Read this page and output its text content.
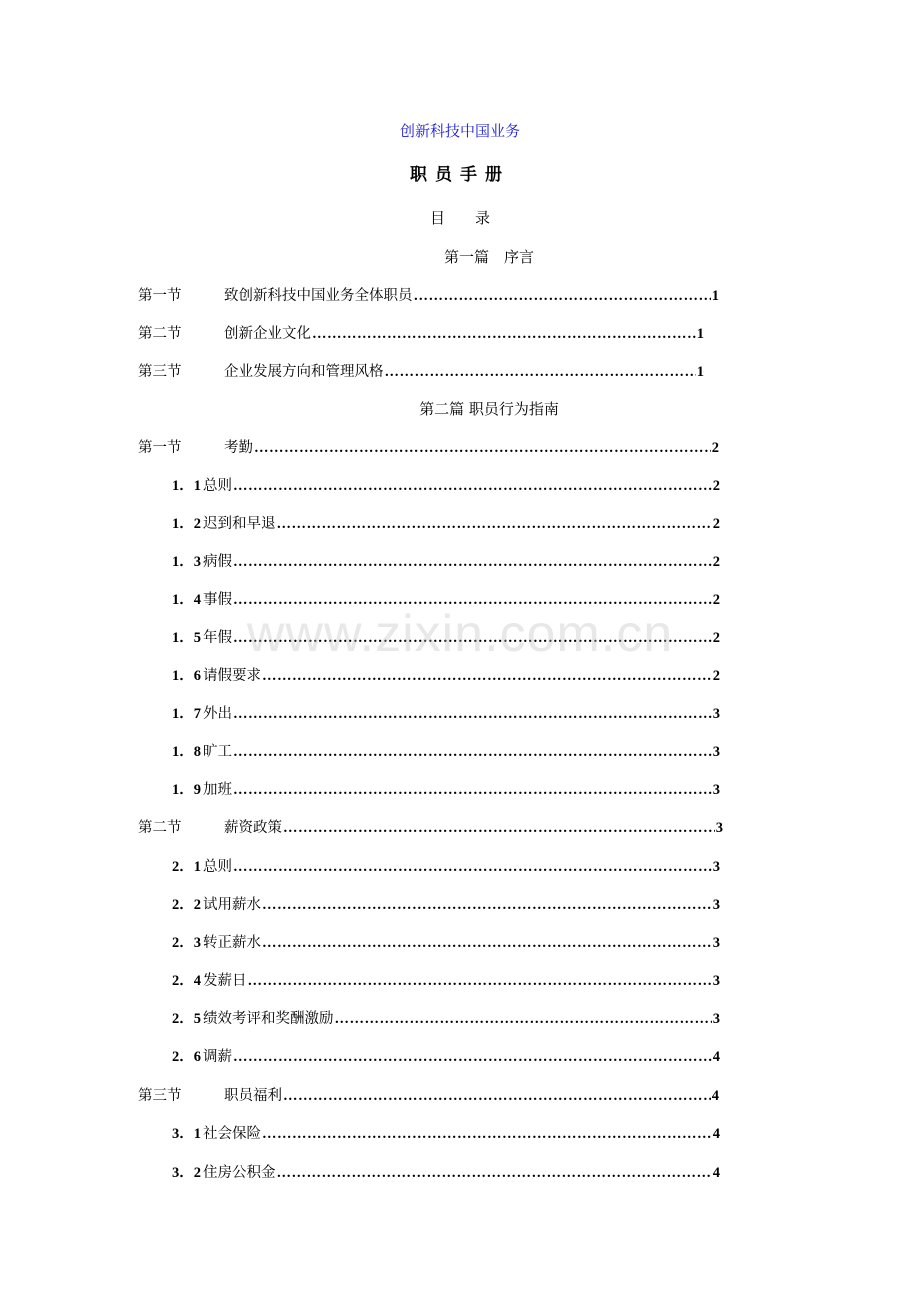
创新科技中国业务
职员手册
目 录
第一篇　序言
第一节	致创新科技中国业务全体职员 ……………………………………………………………………………………………………………………………………………………………………………………………………………………………………	1
第二节	创新企业文化 ……………………………………………………………………………………………………………………………………………………………………………………………………………………………………	1
第三节	企业发展方向和管理风格 ……………………………………………………………………………………………………………………………………………………………………………………………………………………………………	1
第二篇 职员行为指南
第一节	考勤 ……………………………………………………………………………………………………………………………………………………………………………………………………………………………………	2
1．1 总则 ……………………………………………………………………………………………………………………………………………………………………………………………………………………………………	2
1．2 迟到和早退 ……………………………………………………………………………………………………………………………………………………………………………………………………………………………………	2
1．3 病假 ……………………………………………………………………………………………………………………………………………………………………………………………………………………………………	2
1．4 事假 ……………………………………………………………………………………………………………………………………………………………………………………………………………………………………	2
1．5 年假 ……………………………………………………………………………………………………………………………………………………………………………………………………………………………………	2
1．6 请假要求 ……………………………………………………………………………………………………………………………………………………………………………………………………………………………………	2
1．7 外出 ……………………………………………………………………………………………………………………………………………………………………………………………………………………………………	3
1．8 旷工 ……………………………………………………………………………………………………………………………………………………………………………………………………………………………………	3
1．9 加班 ……………………………………………………………………………………………………………………………………………………………………………………………………………………………………	3
第二节	薪资政策 ……………………………………………………………………………………………………………………………………………………………………………………………………………………………………	3
2．1 总则 ……………………………………………………………………………………………………………………………………………………………………………………………………………………………………	3
2．2 试用薪水 ……………………………………………………………………………………………………………………………………………………………………………………………………………………………………	3
2．3 转正薪水 ……………………………………………………………………………………………………………………………………………………………………………………………………………………………………	3
2．4 发薪日 ……………………………………………………………………………………………………………………………………………………………………………………………………………………………………	3
2．5 绩效考评和奖酬激励 ……………………………………………………………………………………………………………………………………………………………………………………………………………………………………	3
2．6 调薪 ……………………………………………………………………………………………………………………………………………………………………………………………………………………………………	4
第三节	职员福利 ……………………………………………………………………………………………………………………………………………………………………………………………………………………………………	4
3．1 社会保险 ……………………………………………………………………………………………………………………………………………………………………………………………………………………………………	4
3．2 住房公积金 ……………………………………………………………………………………………………………………………………………………………………………………………………………………………………	4
www.zixin.com.cn
